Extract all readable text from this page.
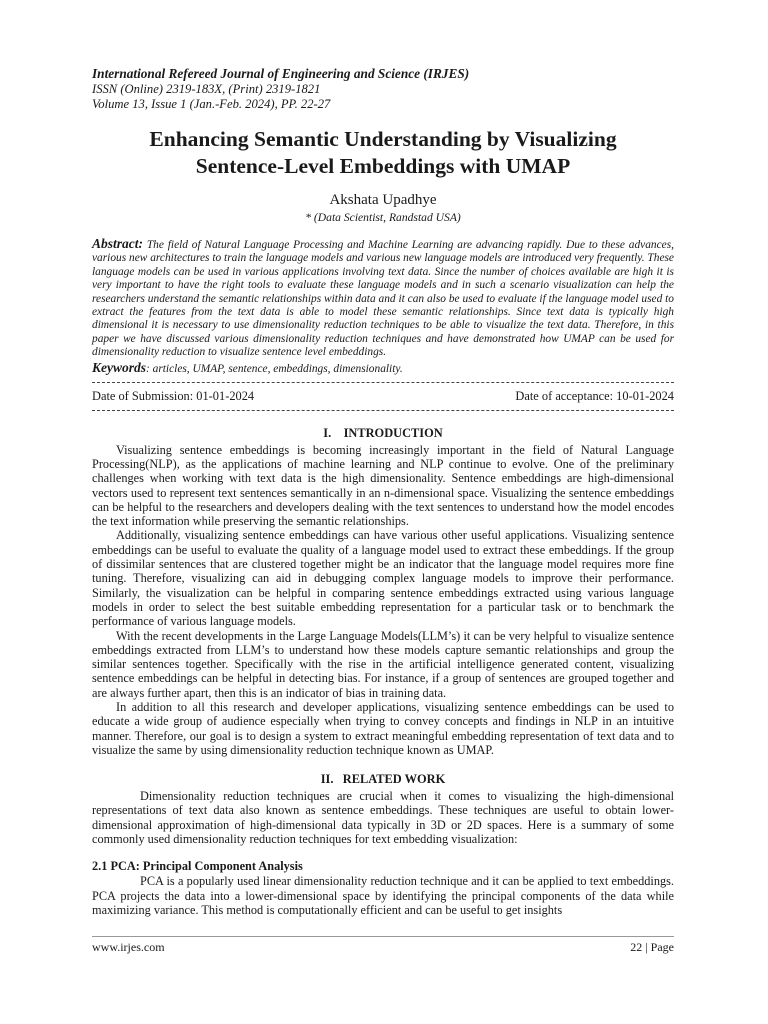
International Refereed Journal of Engineering and Science (IRJES)

ISSN (Online) 2319-183X, (Print) 2319-1821

Volume 13, Issue 1 (Jan.-Feb. 2024), PP. 22-27

Enhancing Semantic Understanding by Visualizing
Sentence-Level Embeddings with UMAP

Akshata Upadhye

* (Data Scientist, Randstad USA)

Abstract: The field of Natural Language Processing and Machine Learning are advancing rapidly. Due to these advances, various new architectures to train the language models and various new language models are introduced very frequently. These language models can be used in various applications involving text data. Since the number of choices available are high it is very important to have the right tools to evaluate these language models and in such a scenario visualization can help the researchers understand the semantic relationships within data and it can also be used to evaluate if the language model used to extract the features from the text data is able to model these semantic relationships. Since text data is typically high dimensional it is necessary to use dimensionality reduction techniques to be able to visualize the text data. Therefore, in this paper we have discussed various dimensionality reduction techniques and have demonstrated how UMAP can be used for dimensionality reduction to visualize sentence level embeddings.

Keywords: articles, UMAP, sentence, embeddings, dimensionality.

Date of Submission: 01-01-2024	Date of acceptance: 10-01-2024
I.    INTRODUCTION

Visualizing sentence embeddings is becoming increasingly important in the field of Natural Language Processing(NLP), as the applications of machine learning and NLP continue to evolve. One of the preliminary challenges when working with text data is the high dimensionality. Sentence embeddings are high-dimensional vectors used to represent text sentences semantically in an n-dimensional space. Visualizing the sentence embeddings can be helpful to the researchers and developers dealing with the text sentences to understand how the model encodes the text information while preserving the semantic relationships.

Additionally, visualizing sentence embeddings can have various other useful applications. Visualizing sentence embeddings can be useful to evaluate the quality of a language model used to extract these embeddings. If the group of dissimilar sentences that are clustered together might be an indicator that the language model requires more fine tuning. Therefore, visualizing can aid in debugging complex language models to improve their performance. Similarly, the visualization can be helpful in comparing sentence embeddings extracted using various language models in order to select the best suitable embedding representation for a particular task or to benchmark the performance of various language models.

With the recent developments in the Large Language Models(LLM’s) it can be very helpful to visualize sentence embeddings extracted from LLM’s to understand how these models capture semantic relationships and group the similar sentences together. Specifically with the rise in the artificial intelligence generated content, visualizing sentence embeddings can be helpful in detecting bias. For instance, if a group of sentences are grouped together and are always further apart, then this is an indicator of bias in training data.

In addition to all this research and developer applications, visualizing sentence embeddings can be used to educate a wide group of audience especially when trying to convey concepts and findings in NLP in an intuitive manner. Therefore, our goal is to design a system to extract meaningful embedding representation of text data and to visualize the same by using dimensionality reduction technique known as UMAP.

II.   RELATED WORK

Dimensionality reduction techniques are crucial when it comes to visualizing the high-dimensional representations of text data also known as sentence embeddings. These techniques are useful to obtain lower-dimensional approximation of high-dimensional data typically in 3D or 2D spaces. Here is a summary of some commonly used dimensionality reduction techniques for text embedding visualization:

2.1 PCA: Principal Component Analysis

PCA is a popularly used linear dimensionality reduction technique and it can be applied to text embeddings. PCA projects the data into a lower-dimensional space by identifying the principal components of the data while maximizing variance. This method is computationally efficient and can be useful to get insights

www.irjes.com	22 | Page
